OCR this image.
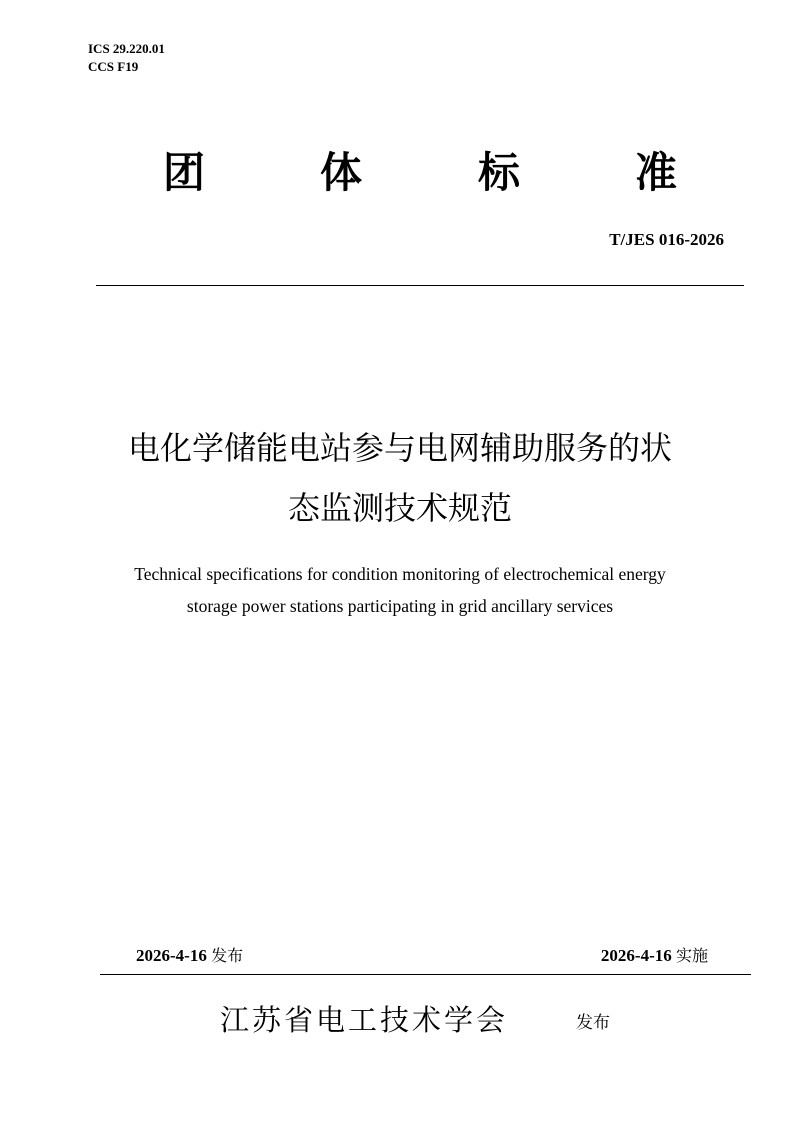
ICS 29.220.01
CCS F19
团	体	标	准
T/JES 016-2026
电化学储能电站参与电网辅助服务的状
态监测技术规范
Technical specifications for condition monitoring of electrochemical energy
storage power stations participating in grid ancillary services
2026-4-16 发布	2026-4-16 实施
江苏省电工技术学会	发布
